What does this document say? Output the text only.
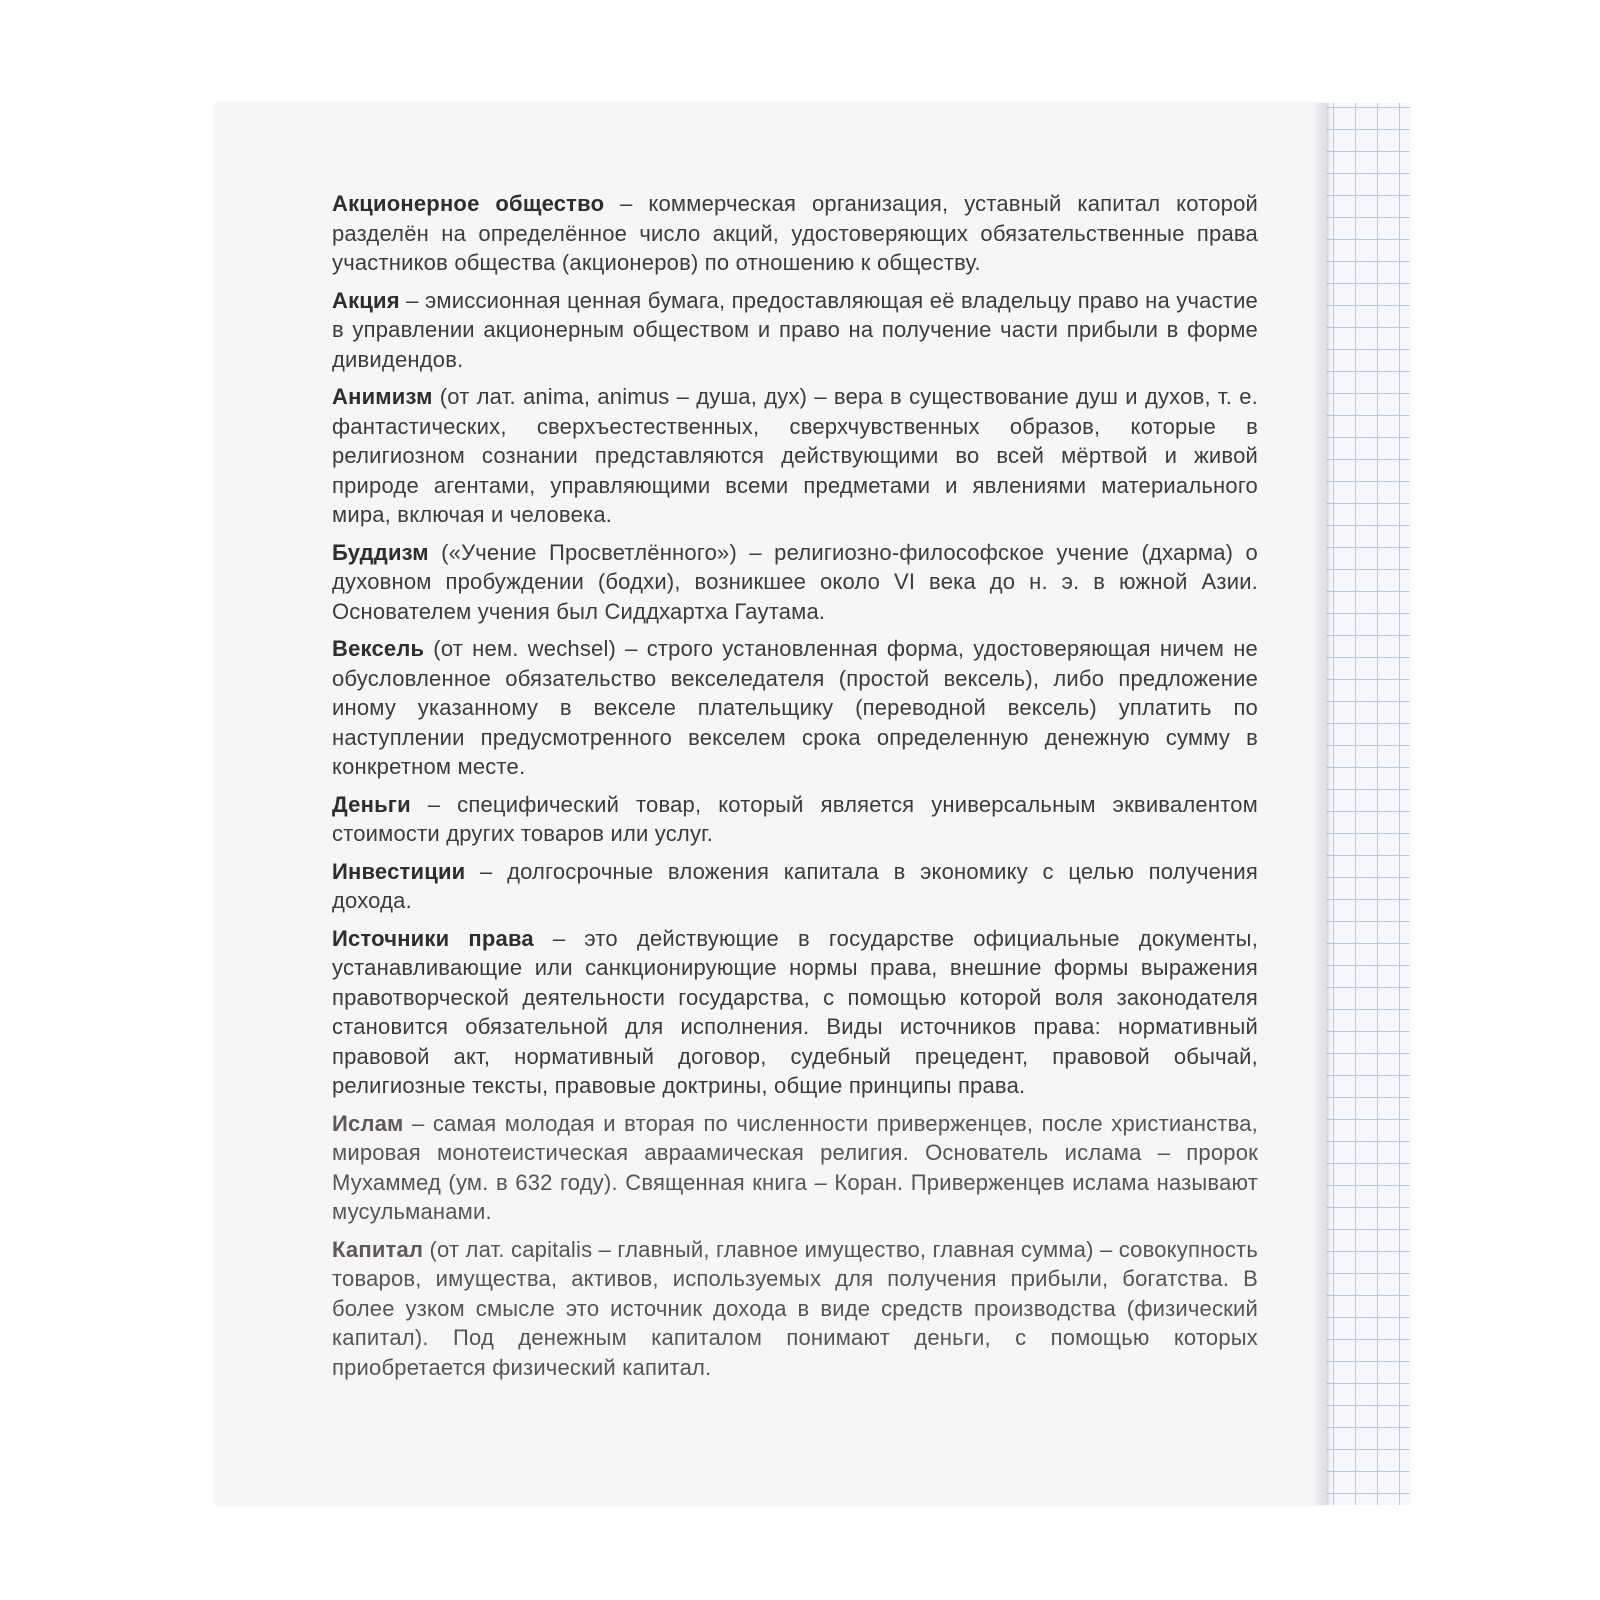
Акционерное общество – коммерческая организация, уставный капитал которой разделён на определённое число акций, удостоверяющих обязательственные права участников общества (акционеров) по отношению к обществу.

Акция – эмиссионная ценная бумага, предоставляющая её владельцу право на участие в управлении акционерным обществом и право на получение части прибыли в форме дивидендов.

Анимизм (от лат. anima, animus – душа, дух) – вера в существование душ и духов, т. е. фантастических, сверхъестественных, сверхчувственных образов, которые в религиозном сознании представляются действующими во всей мёртвой и живой природе агентами, управляющими всеми предметами и явлениями материального мира, включая и человека.

Буддизм («Учение Просветлённого») – религиозно-философское учение (дхарма) о духовном пробуждении (бодхи), возникшее около VI века до н. э. в южной Азии. Основателем учения был Сиддхартха Гаутама.

Вексель (от нем. wechsel) – строго установленная форма, удостоверяющая ничем не обусловленное обязательство векселедателя (простой вексель), либо предложение иному указанному в векселе плательщику (переводной вексель) уплатить по наступлении предусмотренного векселем срока определенную денежную сумму в конкретном месте.

Деньги – специфический товар, который является универсальным эквивалентом стоимости других товаров или услуг.

Инвестиции – долгосрочные вложения капитала в экономику с целью получения дохода.

Источники права – это действующие в государстве официальные документы, устанавливающие или санкционирующие нормы права, внешние формы выражения правотворческой деятельности государства, с помощью которой воля законодателя становится обязательной для исполнения. Виды источников права: нормативный правовой акт, нормативный договор, судебный прецедент, правовой обычай, религиозные тексты, правовые доктрины, общие принципы права.

Ислам – самая молодая и вторая по численности приверженцев, после христианства, мировая монотеистическая авраамическая религия. Основатель ислама – пророк Мухаммед (ум. в 632 году). Священная книга – Коран. Приверженцев ислама называют мусульманами.

Капитал (от лат. capitalis – главный, главное имущество, главная сумма) – совокупность товаров, имущества, активов, используемых для получения прибыли, богатства. В более узком смысле это источник дохода в виде средств производства (физический капитал). Под денежным капиталом понимают деньги, с помощью которых приобретается физический капитал.
